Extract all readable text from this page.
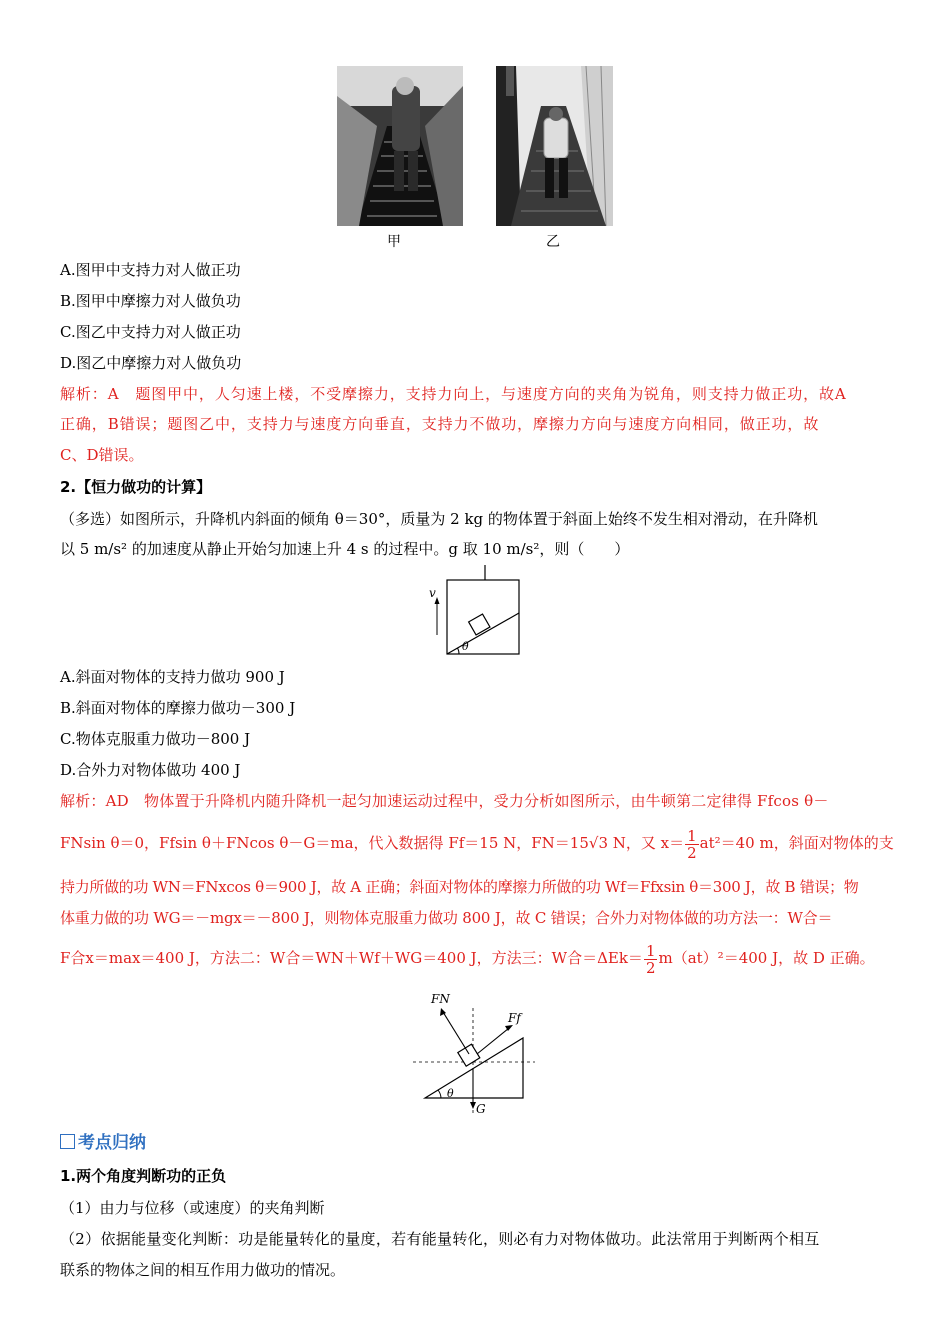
甲	乙
A.图甲中支持力对人做正功
B.图甲中摩擦力对人做负功
C.图乙中支持力对人做正功
D.图乙中摩擦力对人做负功
解析：A　题图甲中，人匀速上楼，不受摩擦力，支持力向上，与速度方向的夹角为锐角，则支持力做正功，故A
正确，B错误；题图乙中，支持力与速度方向垂直，支持力不做功，摩擦力方向与速度方向相同，做正功，故
C、D错误。
2.【恒力做功的计算】
（多选）如图所示，升降机内斜面的倾角 θ＝30°，质量为 2 kg 的物体置于斜面上始终不发生相对滑动，在升降机
以 5 m/s² 的加速度从静止开始匀加速上升 4 s 的过程中。g 取 10 m/s²，则（　　）
v
θ
A.斜面对物体的支持力做功 900 J
B.斜面对物体的摩擦力做功－300 J
C.物体克服重力做功－800 J
D.合外力对物体做功 400 J
解析：AD　物体置于升降机内随升降机一起匀加速运动过程中，受力分析如图所示，由牛顿第二定律得 Ffcos θ－
FNsin θ＝0，Ffsin θ＋FNcos θ－G＝ma，代入数据得 Ff＝15 N，FN＝15√3 N，又 $x= \frac{1}{2} at^2=40$ m，斜面对物体的支
持力所做的功 WN＝FNxcos θ＝900 J，故 A 正确；斜面对物体的摩擦力所做的功 Wf＝Ffxsin θ＝300 J，故 B 错误；物
体重力做的功 WG＝－mgx＝－800 J，则物体克服重力做功 800 J，故 C 错误；合外力对物体做的功方法一：W合＝
F合x＝max＝400 J，方法二：W合＝WN＋Wf＋WG＝400 J，方法三：W合$=\Delta Ek= \frac{1}{2} m(at)^2=400$ J，故 D 正确。
FN
Ff
G
θ
考点归纳
1.两个角度判断功的正负
（1）由力与位移（或速度）的夹角判断
（2）依据能量变化判断：功是能量转化的量度，若有能量转化，则必有力对物体做功。此法常用于判断两个相互
联系的物体之间的相互作用力做功的情况。
